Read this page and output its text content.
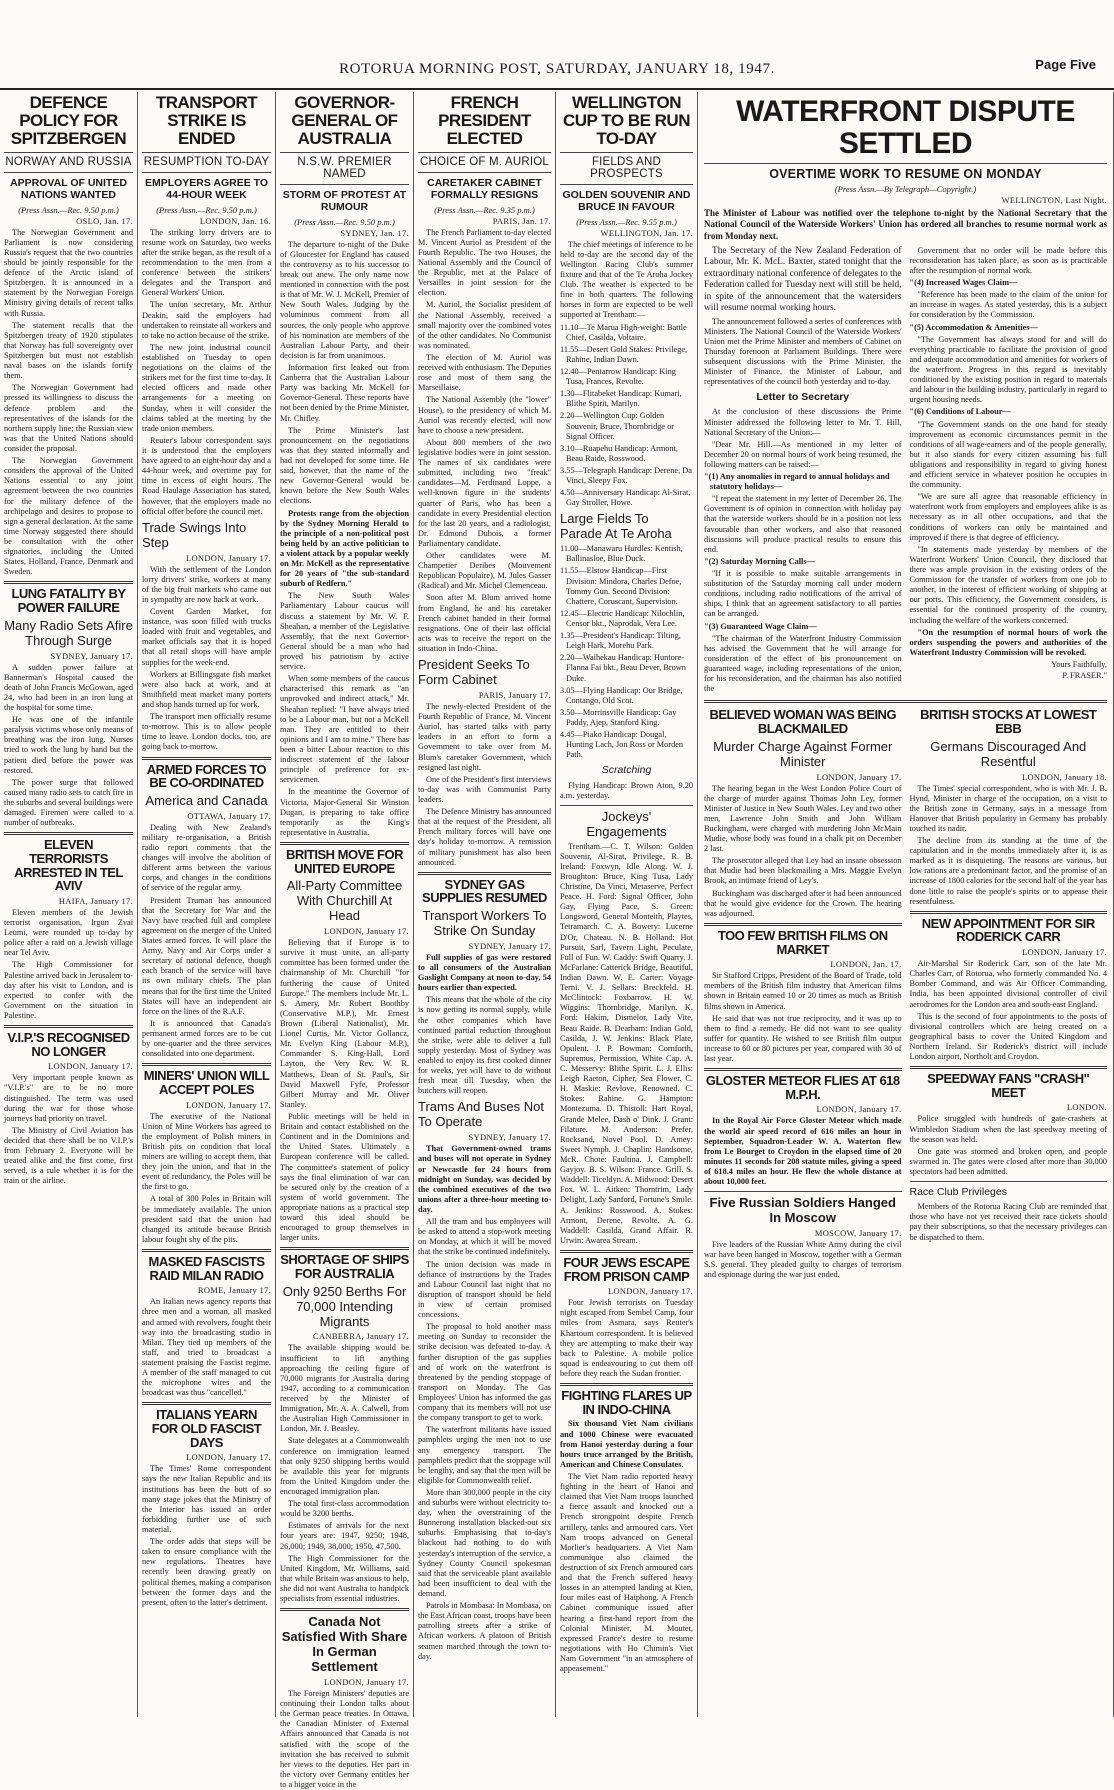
ROTORUA MORNING POST, SATURDAY, JANUARY 18, 1947.	Page Five
DEFENCE POLICY FOR SPITZBERGEN
NORWAY AND RUSSIA
APPROVAL OF UNITED NATIONS WANTED
(Press Assn.—Rec. 9.50 p.m.)
OSLO, Jan. 17.

The Norwegian Government and Parliament is now considering Russia's request that the two countries should be jointly responsible for the defence of the Arctic island of Spitzbergen. It is announced in a statement by the Norwegian Foreign Ministry giving details of recent talks with Russia.

The statement recalls that the Spitzbergen treaty of 1920 stipulates that Norway has full sovereignty over Spitzbergen but must not establish naval bases on the islands fortify them.

The Norwegian Government had pressed its willingness to discuss the defence problem and the representatives of the islands for the northern supply line; the Russian view was that the United Nations should consider the proposal.

The Norwegian Government considers the approval of the United Nations essential to any joint agreement between the two countries for the military defence of the archipelago and desires to propose to sign a general declaration. At the same time Norway suggested there should be consultation with the other signatories, including the United States, Holland, France, Denmark and Sweden.

LUNG FATALITY BY POWER FAILURE
Many Radio Sets Afire Through Surge
SYDNEY, January 17.

A sudden power failure at Bannerman's Hospital caused the death of John Francis McGowan, aged 24, who had been in an iron lung at the hospital for some time.

He was one of the infantile paralysis victims whose only means of breathing was the iron lung. Nurses tried to work the lung by hand but the patient died before the power was restored.

The power surge that followed caused many radio sets to catch fire in the suburbs and several buildings were damaged. Firemen were called to a number of outbreaks.

ELEVEN TERRORISTS ARRESTED IN TEL AVIV
HAIFA, January 17.

Eleven members of the Jewish terrorist organisation, Irgun Zvai Leumi, were rounded up to-day by police after a raid on a Jewish village near Tel Aviv.

The High Commissioner for Palestine arrived back in Jerusalem to-day after his visit to London, and is expected to confer with the Government on the situation in Palestine.

V.I.P.'S RECOGNISED NO LONGER
LONDON, January 17.

Very important people known as "V.I.P.'s" are to be no more distinguished. The term was used during the war for those whose journeys had priority on travel.

The Ministry of Civil Aviation has decided that there shall be no V.I.P.'s from February 2. Everyone will be treated alike and the first come, first served, is a rule whether it is for the train or the airline.

TRANSPORT STRIKE IS ENDED
RESUMPTION TO-DAY
EMPLOYERS AGREE TO 44-HOUR WEEK
(Press Assn.—Rec. 9.50 p.m.)
LONDON, Jan. 16.

The striking lorry drivers are to resume work on Saturday, two weeks after the strike began, as the result of a recommendation to the men from a conference between the strikers' delegates and the Transport and General Workers' Union.

The union secretary, Mr. Arthur Deakin, said the employers had undertaken to reinstate all workers and to take no action because of the strike.

The new joint industrial council established on Tuesday to open negotiations on the claims of the strikers met for the first time to-day. It elected officers and made other arrangements for a meeting on Sunday, when it will consider the claims tabled at the meeting by the trade union members.

Reuter's labour correspondent says it is understood that the employers have agreed to an eight-hour day and a 44-hour week, and overtime pay for time in excess of eight hours. The Road Haulage Association has stated, however, that the employers made no official offer before the council met.

Trade Swings Into Step
LONDON, January 17.

With the settlement of the London lorry drivers' strike, workers at many of the big fruit markets who came out in sympathy are now back at work.

Covent Garden Market, for instance, was soon filled with trucks loaded with fruit and vegetables, and market officials say that it is hoped that all retail shops will have ample supplies for the week-end.

Workers at Billingsgate fish market were also back at work, and at Smithfield meat market many porters and shop hands turned up for work.

The transport men officially resume to-morrow. This is to allow people time to leave. London docks, too, are going back to-morrow.

ARMED FORCES TO BE CO-ORDINATED
America and Canada
OTTAWA, January 17.

Dealing with New Zealand's military re-organisation, a British radio report comments that the changes will involve the abolition of different arms between the various corps, and changes in the conditions of service of the regular army.

President Truman has announced that the Secretary for War and the Navy have reached full and complete agreement on the merger of the United States armed forces. It will place the Army, Navy and Air Corps under a secretary of national defence, though each branch of the service will have its own military chiefs. The plan means that for the first time the United States will have an independent air force on the lines of the R.A.F.

It is announced that Canada's permanent armed forces are to be cut by one-quarter and the three services consolidated into one department.

MINERS' UNION WILL ACCEPT POLES
LONDON, January 17.

The executive of the National Union of Mine Workers has agreed to the employment of Polish miners in British pits on condition that local miners are willing to accept them, that they join the union, and that in the event of redundancy, the Poles will be the first to go.

A total of 300 Poles in Britain will be immediately available. The union president said that the union had changed its attitude because British labour fought shy of the pits.

MASKED FASCISTS RAID MILAN RADIO
ROME, January 17.

An Italian news agency reports that three men and a woman, all masked and armed with revolvers, fought their way into the broadcasting studio in Milan. They tied up members of the staff, and tried to broadcast a statement praising the Fascist regime. A member of the staff managed to cut the microphone wires and the broadcast was thus "cancelled."

ITALIANS YEARN FOR OLD FASCIST DAYS
LONDON, January 17.

The Times' Rome correspondent says the new Italian Republic and its institutions has been the butt of so many stage jokes that the Ministry of the Interior has issued an order forbidding further use of such material.

The order adds that steps will be taken to ensure compliance with the new regulations. Theatres have recently been drawing greatly on political themes, making a comparison between the former days and the present, often to the latter's detriment.

GOVERNOR-GENERAL OF AUSTRALIA
N.S.W. PREMIER NAMED
STORM OF PROTEST AT RUMOUR
(Press Assn.—Rec. 9.50 p.m.)
SYDNEY, Jan. 17.

The departure to-night of the Duke of Gloucester for England has caused the controversy as to his successor to break out anew. The only name now mentioned in connection with the post is that of Mr. W. J. McKell, Premier of New South Wales. Judging by the voluminous comment from all sources, the only people who approve of his nomination are members of the Australian Labour Party, and their decision is far from unanimous.

Information first leaked out from Canberra that the Australian Labour Party was backing Mr. McKell for Governor-General. These reports have not been denied by the Prime Minister, Mr. Chifley.

The Prime Minister's last pronouncement on the negotiations was that they started informally and had not developed for some time. He said, however, that the name of the new Governor-General would be known before the New South Wales elections.

Protests range from the objection by the Sydney Morning Herald to the principle of a non-political post being held by an active politician to a violent attack by a popular weekly on Mr. McKell as the representative for 20 years of "the sub-standard suburb of Redfern."

The New South Wales Parliamentary Labour caucus will discuss a statement by Mr. W. F. Sheahan, a member of the Legislative Assembly, that the next Governor-General should be a man who had proved his patriotism by active service.

When some members of the caucus characterised this remark as "an unprovoked and indirect attack," Mr. Sheahan replied: "I have always tried to be a Labour man, but not a McKell man. They are entitled to their opinions and I am to mine." There has been a bitter Labour reaction to this indiscreet statement of the labour principle of preference for ex-servicemen.

In the meantime the Governor of Victoria, Major-General Sir Winston Dugan, is preparing to take office temporarily as the King's representative in Australia.

BRITISH MOVE FOR UNITED EUROPE
All-Party Committee With Churchill At Head
LONDON, January 17.

Believing that if Europe is to survive it must unite, an all-party committee has been formed under the chairmanship of Mr. Churchill "for furthering the cause of United Europe." The members include Mr. L. S. Amery, Mr. Robert Boothby (Conservative M.P.), Mr. Ernest Brown (Liberal Nationalist), Mr. Lionel Curtis, Mr. Victor Gollancz, Mr. Evelyn King (Labour M.P.), Commander S. King-Hall, Lord Layton, the Very Rev. W. R. Matthews, Dean of St. Paul's, Sir David Maxwell Fyfe, Professor Gilbert Murray and Mr. Oliver Stanley.

Public meetings will be held in Britain and contact established on the Continent and in the Dominions and the United States. Ultimately a European conference will be called. The committee's statement of policy says the final elimination of war can be secured only by the creation of a system of world government. The appropriate nations as a practical step toward this ideal should be encouraged to group themselves in larger units.

SHORTAGE OF SHIPS FOR AUSTRALIA
Only 9250 Berths For 70,000 Intending Migrants
CANBERRA, January 17.

The available shipping would be insufficient to lift anything approaching the ceiling figure of 70,000 migrants for Australia during 1947, according to a communication received by the Minister of Immigration, Mr. A. A. Calwell, from the Australian High Commissioner in London, Mr. J. Beasley.

State delegates at a Commonwealth conference on immigration learned that only 9250 shipping berths would be available this year for migrants from the United Kingdom under the encouraged immigration plan.

The total first-class accommodation would be 3200 berths.

Estimates of arrivals for the next four years are: 1947, 9250; 1948, 26,000; 1949, 38,000; 1950, 47,500.

The High Commissioner for the United Kingdom, Mr. Williams, said that while Britain was anxious to help, she did not want Australia to handpick specialists from essential industries.

Canada Not Satisfied With Share In German Settlement
LONDON, January 17.

The Foreign Ministers' deputies are continuing their London talks about the German peace treaties. In Ottawa, the Canadian Minister of External Affairs announced that Canada is not satisfied with the scope of the invitation she has received to submit her views to the deputies. Her part in the victory over Germany entitles her to a bigger voice in the

FRENCH PRESIDENT ELECTED
CHOICE OF M. AURIOL
CARETAKER CABINET FORMALLY RESIGNS
(Press Assn.—Rec. 9.35 p.m.)
PARIS, Jan. 17.

The French Parliament to-day elected M. Vincent Auriol as President of the Fourth Republic. The two Houses, the National Assembly and the Council of the Republic, met at the Palace of Versailles in joint session for the election.

M. Auriol, the Socialist president of the National Assembly, received a small majority over the combined votes of the other candidates. No Communist was nominated.

The election of M. Auriol was received with enthusiasm. The Deputies rose and most of them sang the Marseillaise.

The National Assembly (the "lower" House), to the presidency of which M. Auriol was recently elected, will now have to choose a new president.

About 800 members of the two legislative bodies were in joint session. The names of six candidates were submitted, including two "freak" candidates—M. Ferdinand Loppe, a well-known figure in the students' quarter of Paris, who has been a candidate in every Presidential election for the last 20 years, and a radiologist, Dr. Edmond Dubois, a former Parliamentary candidate.

Other candidates were M. Champetier Deribes (Mouvement Republican Populaire), M. Jules Gasser (Radical) and Mr. Michel Clemenceau.

Soon after M. Blum arrived home from England, he and his caretaker French cabinet handed in their formal resignations. One of their last official acts was to receive the report on the situation in Indo-China.

President Seeks To Form Cabinet
PARIS, January 17.

The newly-elected President of the Fourth Republic of France, M. Vincent Auriol, has started talks with party leaders in an effort to form a Government to take over from M. Blum's caretaker Government, which resigned last night.

One of the President's first interviews to-day was with Communist Party leaders.

The Defence Ministry has announced that at the request of the President, all French military forces will have one day's holiday to-morrow. A remission of military punishment has also been announced.

SYDNEY GAS SUPPLIES RESUMED
Transport Workers To Strike On Sunday
SYDNEY, January 17.

Full supplies of gas were restored to all consumers of the Australian Gaslight Company at noon to-day, 54 hours earlier than expected.

This means that the whole of the city is now getting its normal supply, while the other companies which have continued partial reduction throughout the strike, were able to deliver a full supply yesterday. Most of Sydney was enabled to enjoy its first cooked dinner for weeks, yet will have to do without fresh meat till Tuesday, when the butchers will reopen.

Trams And Buses Not To Operate
SYDNEY, January 17.

That Government-owned trams and buses will not operate in Sydney or Newcastle for 24 hours from midnight on Sunday, was decided by the combined executives of the two unions after a three-hour meeting to-day.

All the tram and bus employees will be asked to attend a stop-work meeting on Monday, at which it will be moved that the strike be continued indefinitely.

The union decision was made in defiance of instructions by the Trades and Labour Council last night that no disruption of transport should be held in view of certain promised concessions.

The proposal to hold another mass meeting on Sunday to reconsider the strike decision was defeated to-day. A further disruption of the gas supplies and of work on the waterfront is threatened by the pending stoppage of transport on Monday. The Gas Employees' Union has informed the gas company that its members will not use the company transport to get to work.

The waterfront militants have issued pamphlets urging the men not to use any emergency transport. The pamphlets predict that the stoppage will be lengthy, and say that the men will be eligible for Commonwealth relief.

More than 300,000 people in the city and suburbs were without electricity to-day, when the overstraining of the Bunnerong installation blacked-out six suburbs. Emphasising that to-day's blackout had nothing to do with yesterday's interruption of the service, a Sydney County Council spokesman said that the serviceable plant available had been insufficient to deal with the demand.

Patrols in Mombasa: In Mombasa, on the East African coast, troops have been patrolling streets after a strike of African workers. A platoon of British seamen marched through the town to-day.

WELLINGTON CUP TO BE RUN TO-DAY
FIELDS AND PROSPECTS
GOLDEN SOUVENIR AND BRUCE IN FAVOUR
(Press Assn.—Rec. 9.55 p.m.)
WELLINGTON, Jan. 17.

The chief meetings of inference to be held to-day are the second day of the Wellington Racing Club's summer fixture and that of the Te Aroha Jockey Club. The weather is expected to be fine in both quarters. The following horses in form are expected to be well supported at Trentham:—

11.10—Te Marua High-weight: Battle Chief, Casilda, Voltaire.

11.55—Desert Gold Stakes: Privilege, Rahine, Indian Dawn.

12.40—Pentarrow Handicap: King Tusa, Frances, Revolte.

1.30—Flitabeket Handicap: Kumari, Blithe Spirit, Marilyn.

2.20—Wellington Cup: Golden Souvenir, Bruce, Thornbridge or Signal Officer.

3.10—Ruapehu Handicap: Armont, Beau Raide, Rosswood.

3.55—Telegraph Handicap: Derene, Da Vinci, Sleepy Fox.

4.50—Anniversary Handicap: Al-Sirat, Gay Stroller, Howe.

Large Fields To Parade At Te Aroha

11.00—Manawaru Hurdles: Kentish, Ballinasloe, Blue Duck.

11.55—Elstow Handicap—First Division: Mindora, Charles Defoe, Tommy Gun. Second Division: Chattere, Coruscant, Supervision.

12.45—Electric Handicap: Nilochlin, Censor bkt., Naprodak, Vera Lee.

1.35—President's Handicap: Tilting, Leigh Hark, Morehu Park.

2.20—Waihekau Handicap: Huntore-Flanna Fai bkt., Beau Dever, Brown Duke.

3.05—Flying Handicap: Our Bridge, Contango, Old Scot.

3.50—Morrinsville Handicap: Gay Paddy, Ajep, Stanford King.

4.45—Piako Handicap: Dougal, Hunting Lach, Jon Ross or Morden Path.

Scratching

Flying Handicap: Brown Aton, 9.20 a.m. yesterday.

Jockeys' Engagements

Trentham.—C. T. Wilson: Golden Souvenir, Al-Sirat, Privilege, R. B. Ireland: Foxwyn, Idle Along. W. J. Broughton: Bruce, King Tusa, Lady Christine, Da Vinci, Metaserve, Perfect Peace. H. Ford: Signal Officer, John Gay, Flying Pace, S. Green: Longsword, General Monteith, Playtes, Tetramarch. C. A. Bowery: Lucerne D'Or, Chateau. N. B. Holland: Hot Pursuit, Sarl, Tavern Light, Peculate, Full of Fun. W. Caddy: Swift Quarry. J. McFarlane: Catterick Bridge, Beautiful, Indian Dawn. W. E. Carter: Voyage Terni. V. J. Sellars: Breckfeld. H. McClintock: Foxbarrow. H. W. Wiggins: Thornbridge, Marilyn. K. Ford: Hakim, Dismelor, Lady Vite, Beau Raide. B. Dearham: Indian Gold, Casilda, J. W. Jenkins: Black Plate, Opulent. J. P. Bowman: Cornforth, Supremus, Permission, White Cap. A. C. Messervy: Blithe Spirit. L. J. Ellis: Leigh Raeton, Cipher, Sea Flower. C. H. Maskie: Revlove, Renowned. C. Stokes: Rahine. G. Hampton: Montezuma. D. Thistoll: Hart Royal, Grande Melee, Dash o' Dink. J. Grant: Filature. M. Anderson: Prefer, Rocksand, Novel Pool. D. Amey: Sweet Nymph. J. Chaplin: Handsome, McR. Chote: Faultina. J. Campbell: Gayjoy. B. S. Wilson: France. Grill. S. Waddell: Ticeldyn. A. Midwood: Desert Fox. W. L. Aitken: Thorntrim, Lady Delight, Lady Sanford, Fortune's Smile. A. Jenkins: Rosswood. A. Stokes: Armont, Derene, Revolte. A. G. Waddell: Casilda, Grand Affair. R. Urwin: Awarea Stream.

FOUR JEWS ESCAPE FROM PRISON CAMP
LONDON, January 17.

Four Jewish terrorists on Tuesday night escaped from Sembel Camp, four miles from Asmara, says Reuter's Khartoum correspondent. It is believed they are attempting to make their way back to Palestine. A mobile police squad is endeavouring to cut them off before they reach the Sudan frontier.

FIGHTING FLARES UP IN INDO-CHINA

Six thousand Viet Nam civilians and 1000 Chinese were evacuated from Hanoi yesterday during a four hours truce arranged by the British, American and Chinese Consulates.

The Viet Nam radio reported heavy fighting in the heart of Hanoi and claimed that Viet Nam troops launched a fierce assault and knocked out a French strongpoint despite French artillery, tanks and armoured cars. Viet Nam troops advanced on General Morlier's headquarters. A Viet Nam communique also claimed the destruction of six French armoured cars and that the French suffered heavy losses in an attempted landing at Kien, four miles east of Haiphong. A French Cabinet communique issued after hearing a first-hand report from the Colonial Minister, M. Moutet, expressed France's desire to resume negotiations with Ho Chimin's Viet Nam Government "in an atmosphere of appeasement."

WATERFRONT DISPUTE SETTLED
OVERTIME WORK TO RESUME ON MONDAY
(Press Assn.—By Telegraph—Copyright.)
WELLINGTON, Last Night.

The Minister of Labour was notified over the telephone to-night by the National Secretary that the National Council of the Waterside Workers' Union has ordered all branches to resume normal work as from Monday next.

The Secretary of the New Zealand Federation of Labour, Mr. K. McL. Baxter, stated tonight that the extraordinary national conference of delegates to the Federation called for Tuesday next will still be held, in spite of the announcement that the watersiders will resume normal working hours.

The announcement followed a series of conferences with Ministers. The National Council of the Waterside Workers' Union met the Prime Minister and members of Cabinet on Thursday forenoon at Parliament Buildings. There were subsequent discussions with the Prime Minister, the Minister of Finance, the Minister of Labour, and representatives of the council both yesterday and to-day.

Letter to Secretary

At the conclusion of these discussions the Prime Minister addressed the following letter to Mr. T. Hill, National Secretary of the Union:—

"Dear Mr. Hill.—As mentioned in my letter of December 20 on normal hours of work being resumed, the following matters can be raised:—

"(1) Any anomalies in regard to annual holidays and statutory holidays—

"I repeat the statement in my letter of December 26. The Government is of opinion in connection with holiday pay that the waterside workers should be in a position not less favourable than other workers, and also that reasoned discussions will produce practical results to ensure this end.

"(2) Saturday Morning Calls—

"If it is possible to make suitable arrangements in substitution of the Saturday morning call under modern conditions, including radio notifications of the arrival of ships, I think that an agreement satisfactory to all parties can be arranged.

"(3) Guaranteed Wage Claim—

"The chairman of the Waterfront Industry Commission has advised the Government that he will arrange for consideration of the effect of his pronouncement on guaranteed wage, including representations of the union, for his reconsideration, and the chairman has also notified the

Government that no order will be made before this reconsideration has taken place, as soon as is practicable after the resumption of normal work.

"(4) Increased Wages Claim—

"Reference has been made to the claim of the union for an increase in wages. As stated yesterday, this is a subject for consideration by the Commission.

"(5) Accommodation & Amenities—

"The Government has always stood for and will do everything practicable to facilitate the provision of good and adequate accommodation and amenities for workers of the waterfront. Progress in this regard is inevitably conditioned by the existing position in regard to materials and labour in the building industry, particularly in regard to urgent housing needs.

"(6) Conditions of Labour—

"The Government stands on the one hand for steady improvement as economic circumstances permit in the conditions of all wage-earners and of the people generally, but it also stands for every citizen assuming his full obligations and responsibility in regard to giving honest and efficient service in whatever position he occupies in the community.

"We are sure all agree that reasonable efficiency in waterfront work from employers and employees alike is as necessary as in all other occupations, and that the conditions of workers can only be maintained and improved if there is that degree of efficiency.

"In statements made yesterday by members of the Waterfront Workers' Union Council, they disclosed that there was ample provision in the existing orders of the Commission for the transfer of workers from one job to another, in the interest of efficient working of shipping at our ports. This efficiency, the Government considers, is essential for the continued prosperity of the country, including the welfare of the workers concerned.

"On the resumption of normal hours of work the orders suspending the powers and authorities of the Waterfront Industry Commission will be revoked.

Yours Faithfully,
P. FRASER."
BELIEVED WOMAN WAS BEING BLACKMAILED
Murder Charge Against Former Minister
LONDON, January 17.

The hearing began in the West London Police Court of the charge of murder against Thomas John Ley, former Minister of Justice in New South Wales. Ley and two other men, Lawrence John Smith and John William Buckingham, were charged with murdering John McMain Mudie, whose body was found in a chalk pit on December 2 last.

The prosecutor alleged that Ley had an insane obsession that Mudie had been blackmailing a Mrs. Maggie Evelyn Brook, an intimate friend of Ley's.

Buckingham was discharged after it had been announced that he would give evidence for the Crown. The hearing was adjourned.

TOO FEW BRITISH FILMS ON MARKET
LONDON, Jan. 17.

Sir Stafford Cripps, President of the Board of Trade, told members of the British film industry that American films shown in Britain earned 10 or 20 times as much as British films shown in America.

He said that was not true reciprocity, and it was up to them to find a remedy. He did not want to see quality suffer for quantity. He wished to see British film output increase to 60 or 80 pictures per year, compared with 30 of last year.

GLOSTER METEOR FLIES AT 618 M.P.H.
LONDON, January 17.

In the Royal Air Force Gloster Meteor which made the world air speed record of 616 miles an hour in September, Squadron-Leader W. A. Waterton flew from Le Bourget to Croydon in the elapsed time of 20 minutes 11 seconds for 208 statute miles, giving a speed of 618.4 miles an hour. He flew the whole distance at about 10,000 feet.

Five Russian Soldiers Hanged In Moscow
MOSCOW, January 17.

Five leaders of the Russian White Army during the civil war have been hanged in Moscow, together with a German S.S. general. They pleaded guilty to charges of terrorism and espionage during the war just ended.

BRITISH STOCKS AT LOWEST EBB
Germans Discouraged And Resentful
LONDON, January 18.

The Times' special correspondent, who is with Mr. J. B. Hynd, Minister in charge of the occupation, on a visit to the British zone in Germany, says in a message from Hanover that British popularity in Germany has probably touched its nadir.

The decline from its standing at the time of the capitulation and in the months immediately after it, is as marked as it is disquieting. The reasons are various, but low rations are a predominant factor, and the promise of an increase of 1800 calories for the second half of the year has done little to raise the people's spirits or to appease their resentfulness.

NEW APPOINTMENT FOR SIR RODERICK CARR
LONDON, January 17.

Air-Marshal Sir Roderick Carr, son of the late Mr. Charles Carr, of Rotorua, who formerly commanded No. 4 Bomber Command, and was Air Officer Commanding, India, has been appointed divisional controller of civil aerodromes for the London area and south-east England.

This is the second of four appointments to the posts of divisional controllers which are being created on a geographical basis to cover the United Kingdom and Northern Ireland. Sir Roderick's district will include London airport, Northolt and Croydon.

SPEEDWAY FANS "CRASH" MEET
LONDON.

Police struggled with hundreds of gate-crashers at Wimbledon Stadium when the last speedway meeting of the season was held.

One gate was stormed and broken open, and people swarmed in. The gates were closed after more than 30,000 spectators had been admitted.

Race Club Privileges

Members of the Rotorua Racing Club are reminded that those who have not yet received their race tickets should pay their subscriptions, so that the necessary privileges can be dispatched to them.
